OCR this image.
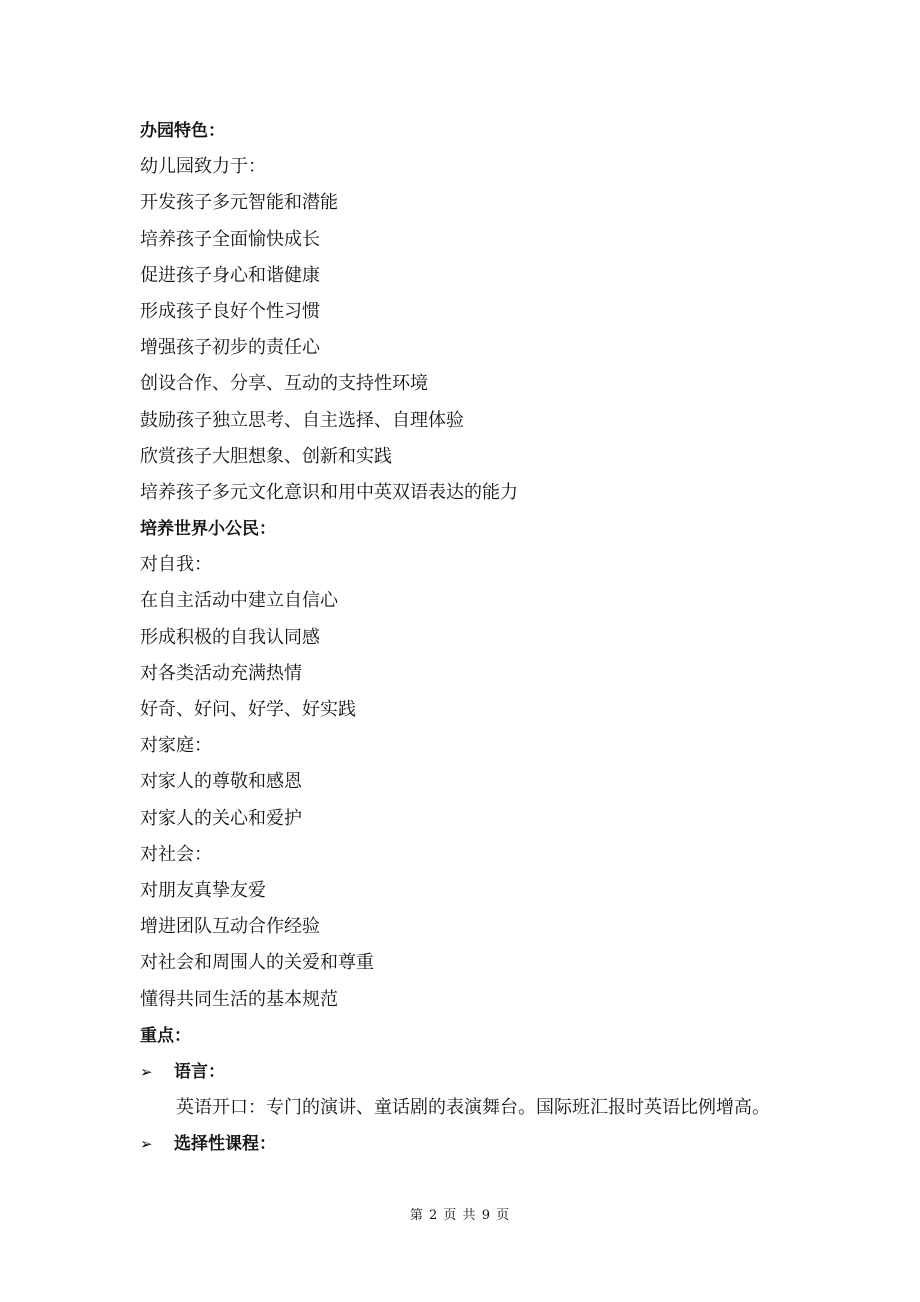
办园特色：
幼儿园致力于：
开发孩子多元智能和潜能
培养孩子全面愉快成长
促进孩子身心和谐健康
形成孩子良好个性习惯
增强孩子初步的责任心
创设合作、分享、互动的支持性环境
鼓励孩子独立思考、自主选择、自理体验
欣赏孩子大胆想象、创新和实践
培养孩子多元文化意识和用中英双语表达的能力
培养世界小公民：
对自我：
在自主活动中建立自信心
形成积极的自我认同感
对各类活动充满热情
好奇、好问、好学、好实践
对家庭：
对家人的尊敬和感恩
对家人的关心和爱护
对社会：
对朋友真挚友爱
增进团队互动合作经验
对社会和周围人的关爱和尊重
懂得共同生活的基本规范
重点：
➢	语言：
英语开口：专门的演讲、童话剧的表演舞台。国际班汇报时英语比例增高。
➢	选择性课程：
第 2 页 共 9 页
